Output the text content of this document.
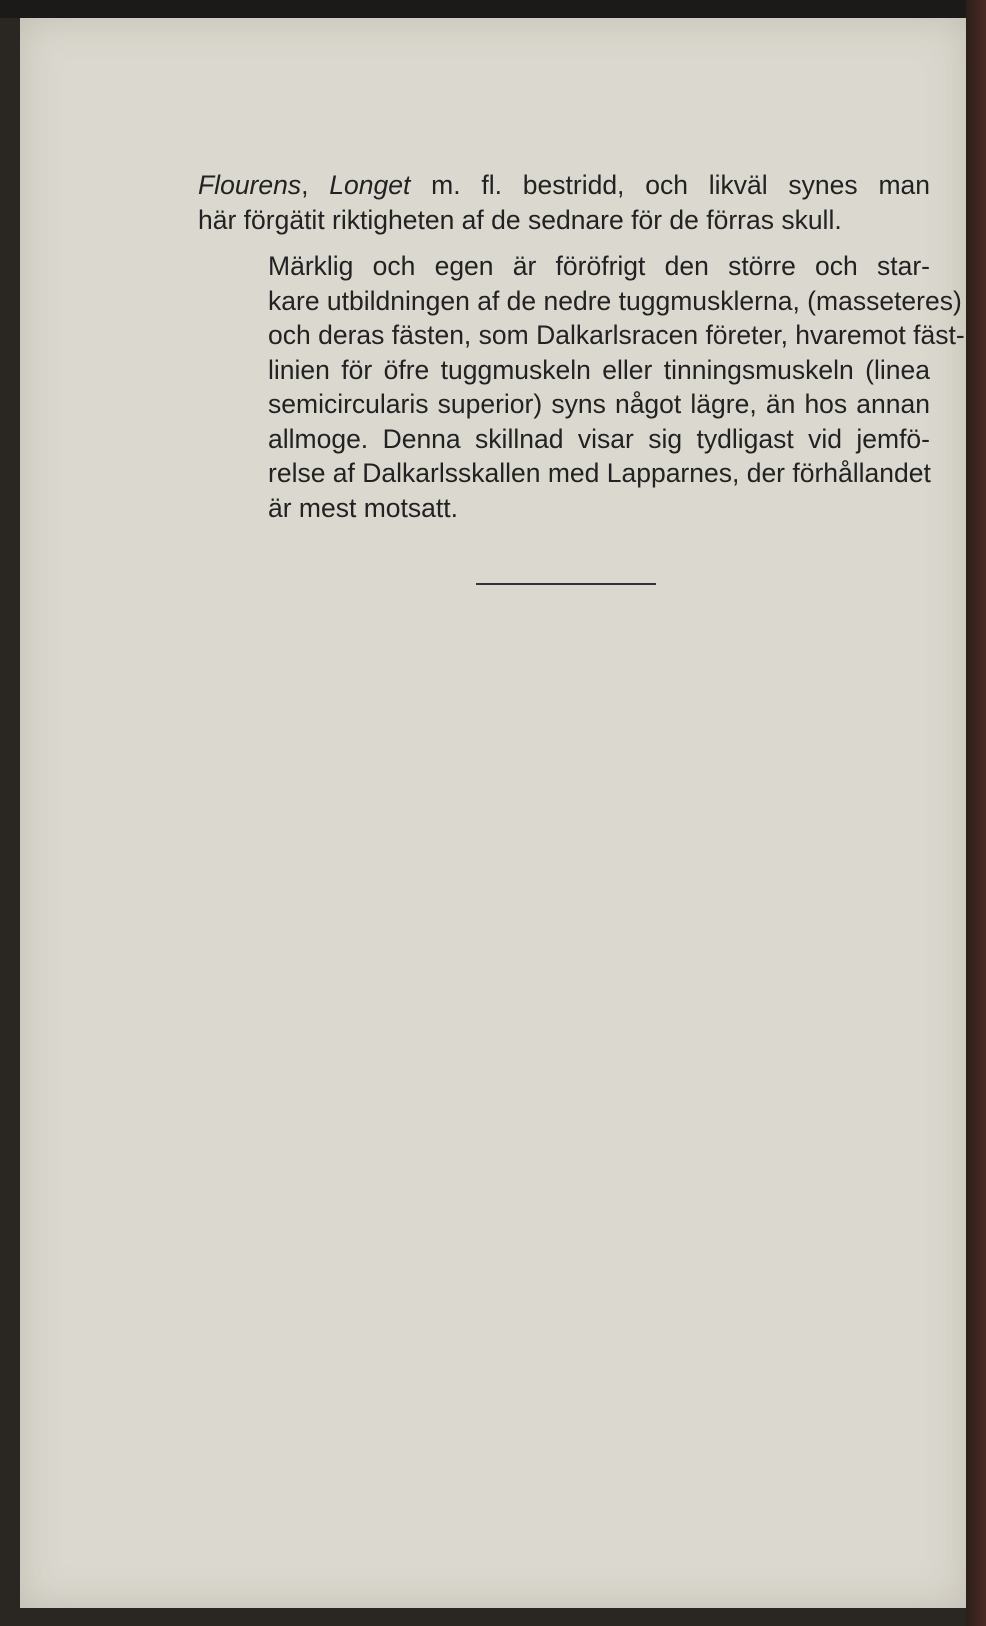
Flourens, Longet m. fl. bestridd, och likväl synes man
här förgätit riktigheten af de sednare för de förras skull.

Märklig och egen är föröfrigt den större och star-
kare utbildningen af de nedre tuggmusklerna, (masseteres)
och deras fästen, som Dalkarlsracen företer, hvaremot fäst-
linien för öfre tuggmuskeln eller tinningsmuskeln (linea
semicircularis superior) syns något lägre, än hos annan
allmoge. Denna skillnad visar sig tydligast vid jemfö-
relse af Dalkarlsskallen med Lapparnes, der förhållandet
är mest motsatt.
